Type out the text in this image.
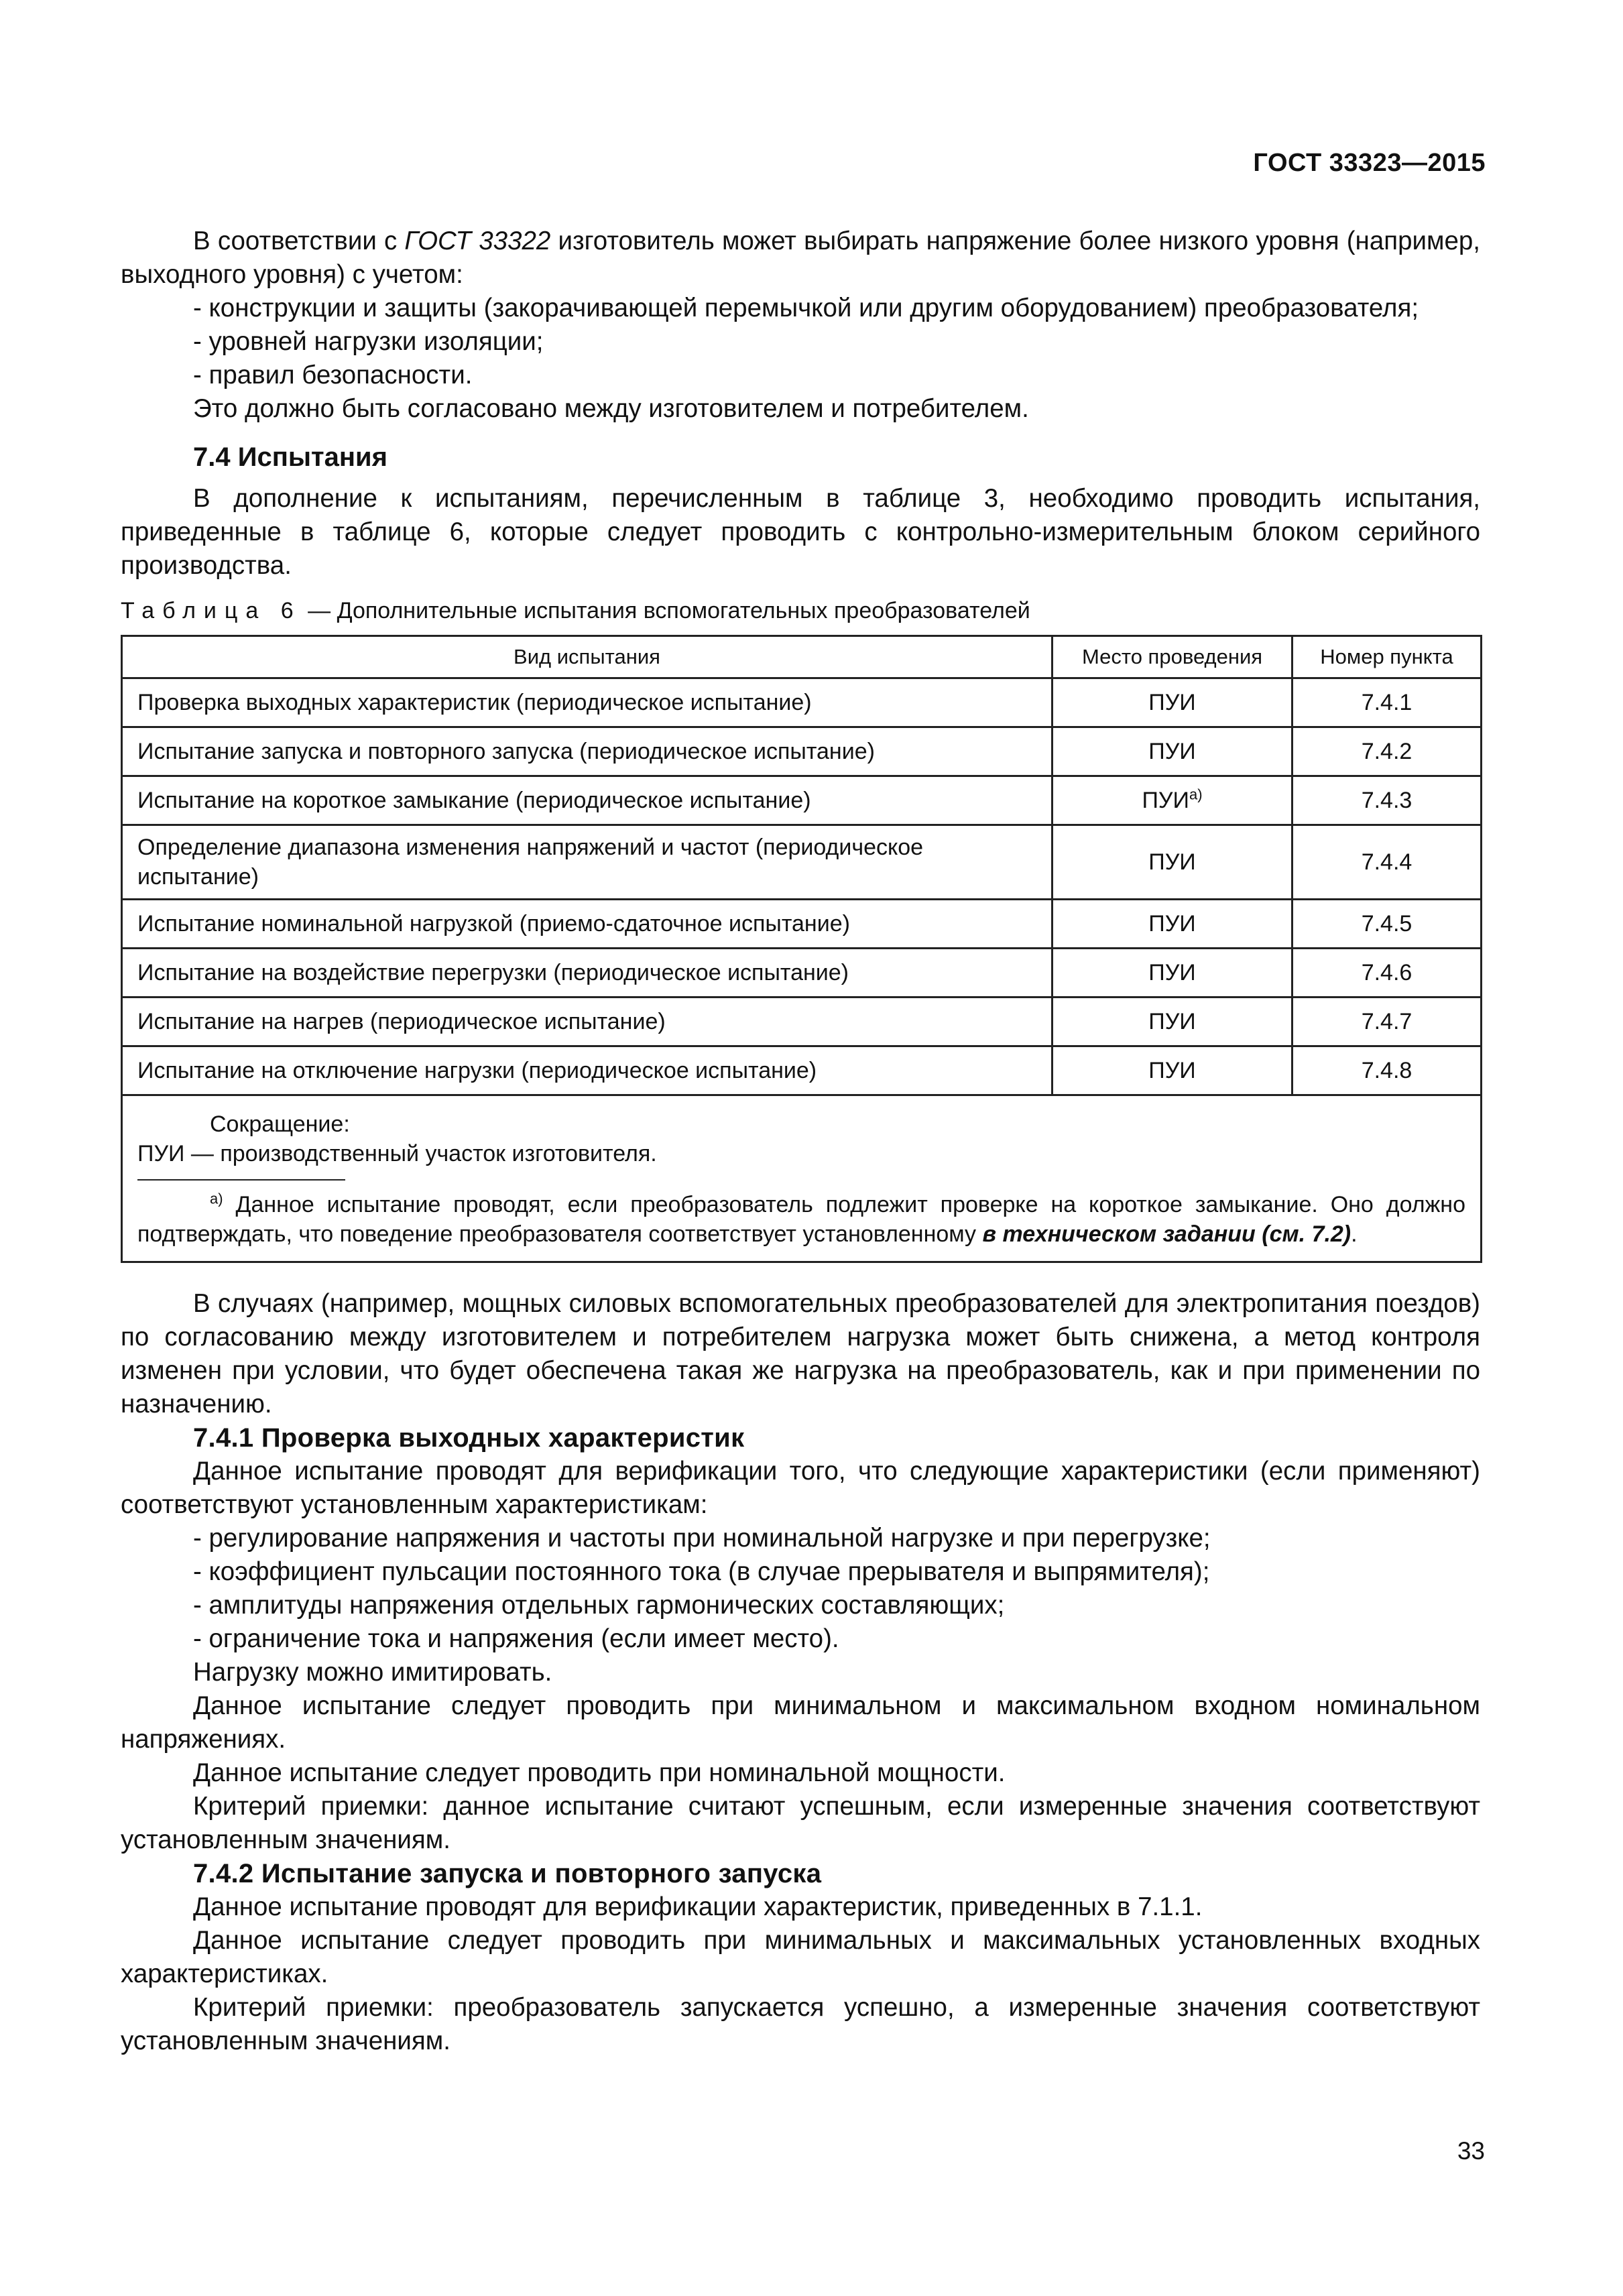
ГОСТ 33323—2015

В соответствии с ГОСТ 33322 изготовитель может выбирать напряжение более низкого уровня (например, выходного уровня) с учетом:

- конструкции и защиты (закорачивающей перемычкой или другим оборудованием) преобразователя;

- уровней нагрузки изоляции;

- правил безопасности.

Это должно быть согласовано между изготовителем и потребителем.

7.4 Испытания

В дополнение к испытаниям, перечисленным в таблице 3, необходимо проводить испытания, приведенные в таблице 6, которые следует проводить с контрольно-измерительным блоком серийного производства.

Таблица 6 — Дополнительные испытания вспомогательных преобразователей

Вид испытания	Место проведения	Номер пункта
Проверка выходных характеристик (периодическое испытание)	ПУИ	7.4.1
Испытание запуска и повторного запуска (периодическое испытание)	ПУИ	7.4.2
Испытание на короткое замыкание (периодическое испытание)	$ПУИ^{а)}$	7.4.3
Определение диапазона изменения напряжений и частот (периодическое испытание)	ПУИ	7.4.4
Испытание номинальной нагрузкой (приемо-сдаточное испытание)	ПУИ	7.4.5
Испытание на воздействие перегрузки (периодическое испытание)	ПУИ	7.4.6
Испытание на нагрев (периодическое испытание)	ПУИ	7.4.7
Испытание на отключение нагрузки (периодическое испытание)	ПУИ	7.4.8

Сокращение:
ПУИ — производственный участок изготовителя.
$^{а)}$ Данное испытание проводят, если преобразователь подлежит проверке на короткое замыкание. Оно должно подтверждать, что поведение преобразователя соответствует установленному в техническом задании (см. 7.2).		

В случаях (например, мощных силовых вспомогательных преобразователей для электропитания поездов) по согласованию между изготовителем и потребителем нагрузка может быть снижена, а метод контроля изменен при условии, что будет обеспечена такая же нагрузка на преобразователь, как и при применении по назначению.

7.4.1 Проверка выходных характеристик

Данное испытание проводят для верификации того, что следующие характеристики (если применяют) соответствуют установленным характеристикам:

- регулирование напряжения и частоты при номинальной нагрузке и при перегрузке;

- коэффициент пульсации постоянного тока (в случае прерывателя и выпрямителя);

- амплитуды напряжения отдельных гармонических составляющих;

- ограничение тока и напряжения (если имеет место).

Нагрузку можно имитировать.

Данное испытание следует проводить при минимальном и максимальном входном номинальном напряжениях.

Данное испытание следует проводить при номинальной мощности.

Критерий приемки: данное испытание считают успешным, если измеренные значения соответствуют установленным значениям.

7.4.2 Испытание запуска и повторного запуска

Данное испытание проводят для верификации характеристик, приведенных в 7.1.1.

Данное испытание следует проводить при минимальных и максимальных установленных входных характеристиках.

Критерий приемки: преобразователь запускается успешно, а измеренные значения соответствуют установленным значениям.

33
